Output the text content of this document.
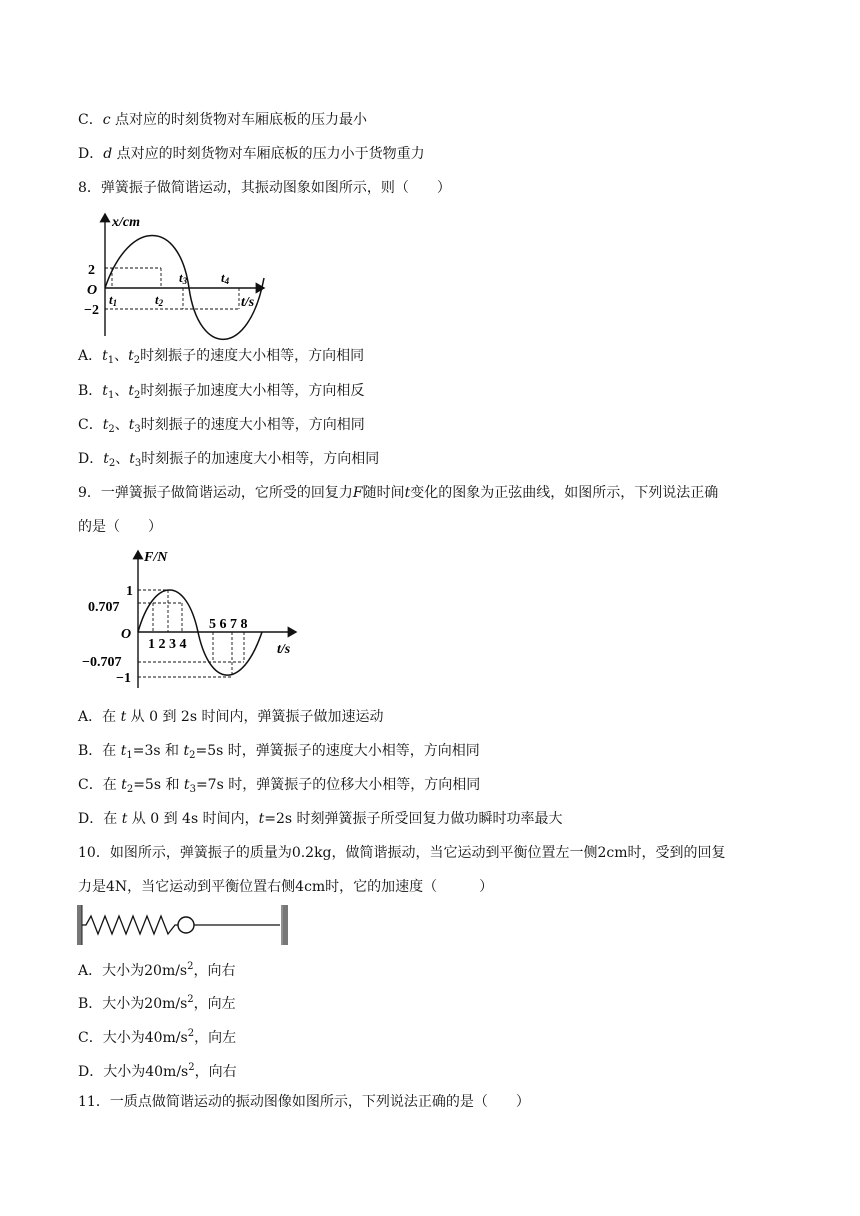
C．c 点对应的时刻货物对车厢底板的压力最小
D．d 点对应的时刻货物对车厢底板的压力小于货物重力
8．弹簧振子做简谐运动，其振动图象如图所示，则（　　）
x/cm
2
O
−2
t1	t2
t3	t4
t/s
A．$t_1$、$t_2$时刻振子的速度大小相等，方向相同
B．$t_1$、$t_2$时刻振子加速度大小相等，方向相反
C．$t_2$、$t_3$时刻振子的速度大小相等，方向相同
D．$t_2$、$t_3$时刻振子的加速度大小相等，方向相同
9．一弹簧振子做简谐运动，它所受的回复力F随时间t变化的图象为正弦曲线，如图所示，下列说法正确
的是（　　）
F/N
1
0.707
O
−0.707
−1
1 2 3 4
5 6 7 8
t/s
A．在 t 从 0 到 2s 时间内，弹簧振子做加速运动
B．在 $t_1=3s$ 和 $t_2=5s$ 时，弹簧振子的速度大小相等，方向相同
C．在 $t_2=5s$ 和 $t_3=7s$ 时，弹簧振子的位移大小相等，方向相同
D．在 t 从 0 到 4s 时间内，t=2s 时刻弹簧振子所受回复力做功瞬时功率最大
10．如图所示，弹簧振子的质量为0.2kg，做简谐振动，当它运动到平衡位置左一侧2cm时，受到的回复
力是4N，当它运动到平衡位置右侧4cm时，它的加速度（　　　）
A．大小为$20m/s^2$，向右
B．大小为$20m/s^2$，向左
C．大小为$40m/s^2$，向左
D．大小为$40m/s^2$，向右
11．一质点做简谐运动的振动图像如图所示，下列说法正确的是（　　）
